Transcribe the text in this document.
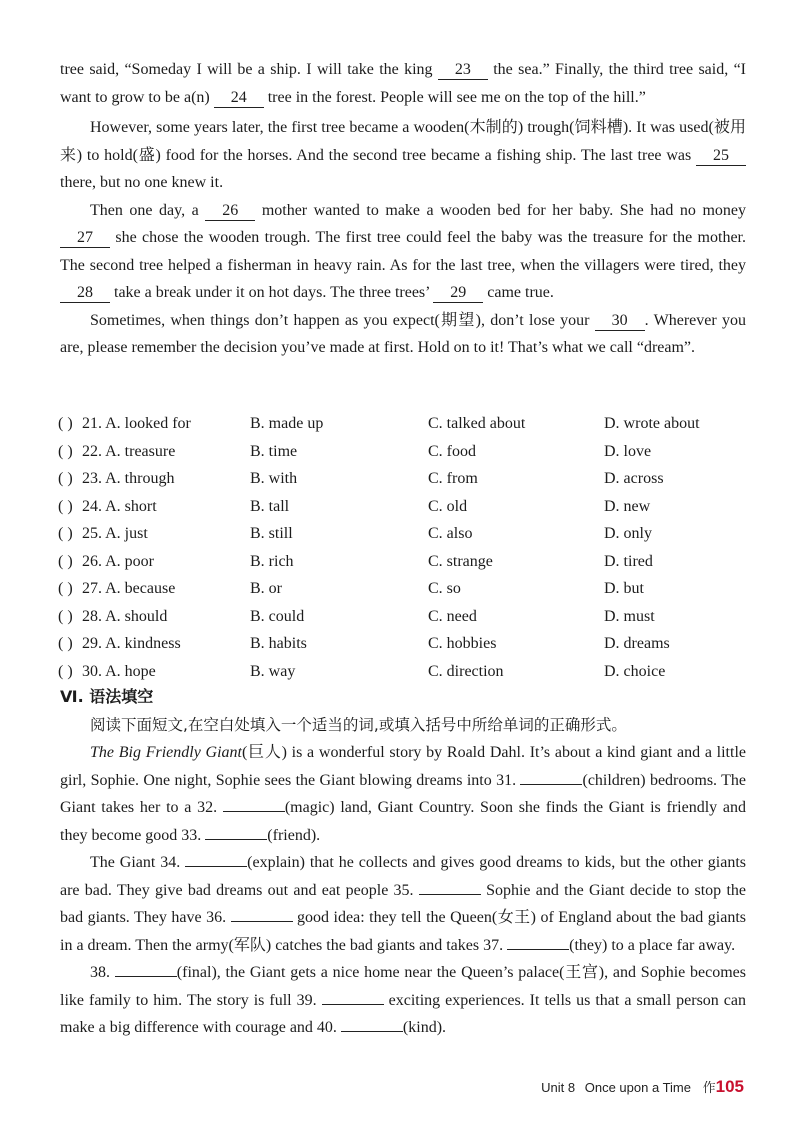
tree said, “Someday I will be a ship. I will take the king 23 the sea.” Finally, the third tree said, “I want to grow to be a(n) 24 tree in the forest. People will see me on the top of the hill.”

However, some years later, the first tree became a wooden(木制的) trough(饲料槽). It was used(被用来) to hold(盛) food for the horses. And the second tree became a fishing ship. The last tree was 25 there, but no one knew it.

Then one day, a 26 mother wanted to make a wooden bed for her baby. She had no money 27 she chose the wooden trough. The first tree could feel the baby was the treasure for the mother. The second tree helped a fisherman in heavy rain. As for the last tree, when the villagers were tired, they 28 take a break under it on hot days. The three trees’ 29 came true.

Sometimes, when things don’t happen as you expect(期望), don’t lose your 30 . Wherever you are, please remember the decision you’ve made at first. Hold on to it! That’s what we call “dream”.

( ) 21. A. looked for	B. made up	C. talked about	D. wrote about
( ) 22. A. treasure	B. time	C. food	D. love
( ) 23. A. through	B. with	C. from	D. across
( ) 24. A. short	B. tall	C. old	D. new
( ) 25. A. just	B. still	C. also	D. only
( ) 26. A. poor	B. rich	C. strange	D. tired
( ) 27. A. because	B. or	C. so	D. but
( ) 28. A. should	B. could	C. need	D. must
( ) 29. A. kindness	B. habits	C. hobbies	D. dreams
( ) 30. A. hope	B. way	C. direction	D. choice
Ⅵ. 语法填空
阅读下面短文,在空白处填入一个适当的词,或填入括号中所给单词的正确形式。

The Big Friendly Giant(巨人) is a wonderful story by Roald Dahl. It’s about a kind giant and a little girl, Sophie. One night, Sophie sees the Giant blowing dreams into 31.	(children) bedrooms. The Giant takes her to a 32.	(magic) land, Giant Country. Soon she finds the Giant is friendly and they become good 33.	(friend).

The Giant 34.	(explain) that he collects and gives good dreams to kids, but the other giants are bad. They give bad dreams out and eat people 35.	Sophie and the Giant decide to stop the bad giants. They have 36.	good idea: they tell the Queen(女王) of England about the bad giants in a dream. Then the army(军队) catches the bad giants and takes 37.	(they) to a place far away.

38.	(final), the Giant gets a nice home near the Queen’s palace(王宫), and Sophie becomes like family to him. The story is full 39.	exciting experiences. It tells us that a small person can make a big difference with courage and 40.	(kind).

Unit 8 Once upon a Time 作105
